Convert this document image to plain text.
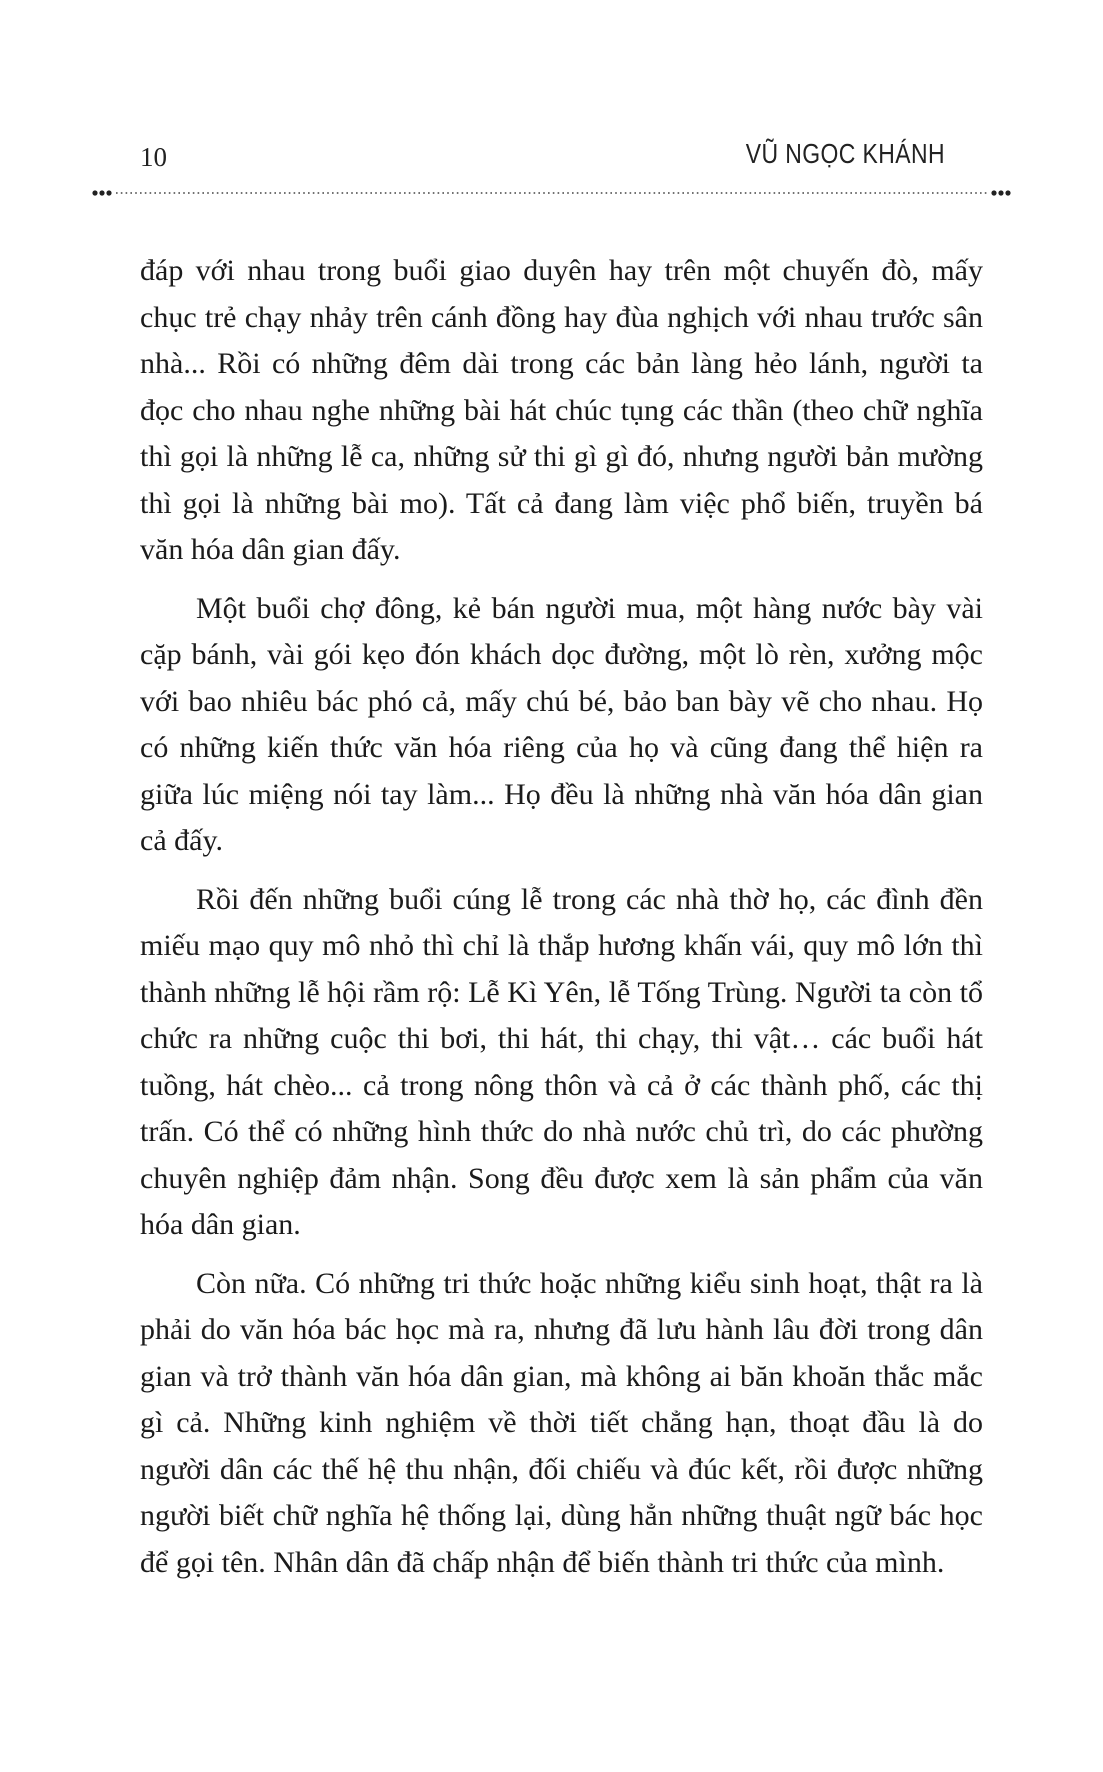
10	VŨ NGỌC KHÁNH

đáp với nhau trong buổi giao duyên hay trên một chuyến đò, mấy chục trẻ chạy nhảy trên cánh đồng hay đùa nghịch với nhau trước sân nhà... Rồi có những đêm dài trong các bản làng hẻo lánh, người ta đọc cho nhau nghe những bài hát chúc tụng các thần (theo chữ nghĩa thì gọi là những lễ ca, những sử thi gì gì đó, nhưng người bản mường thì gọi là những bài mo). Tất cả đang làm việc phổ biến, truyền bá văn hóa dân gian đấy.

Một buổi chợ đông, kẻ bán người mua, một hàng nước bày vài cặp bánh, vài gói kẹo đón khách dọc đường, một lò rèn, xưởng mộc với bao nhiêu bác phó cả, mấy chú bé, bảo ban bày vẽ cho nhau. Họ có những kiến thức văn hóa riêng của họ và cũng đang thể hiện ra giữa lúc miệng nói tay làm... Họ đều là những nhà văn hóa dân gian cả đấy.

Rồi đến những buổi cúng lễ trong các nhà thờ họ, các đình đền miếu mạo quy mô nhỏ thì chỉ là thắp hương khấn vái, quy mô lớn thì thành những lễ hội rầm rộ: Lễ Kì Yên, lễ Tống Trùng. Người ta còn tổ chức ra những cuộc thi bơi, thi hát, thi chạy, thi vật… các buổi hát tuồng, hát chèo... cả trong nông thôn và cả ở các thành phố, các thị trấn. Có thể có những hình thức do nhà nước chủ trì, do các phường chuyên nghiệp đảm nhận. Song đều được xem là sản phẩm của văn hóa dân gian.

Còn nữa. Có những tri thức hoặc những kiểu sinh hoạt, thật ra là phải do văn hóa bác học mà ra, nhưng đã lưu hành lâu đời trong dân gian và trở thành văn hóa dân gian, mà không ai băn khoăn thắc mắc gì cả. Những kinh nghiệm về thời tiết chẳng hạn, thoạt đầu là do người dân các thế hệ thu nhận, đối chiếu và đúc kết, rồi được những người biết chữ nghĩa hệ thống lại, dùng hẳn những thuật ngữ bác học để gọi tên. Nhân dân đã chấp nhận để biến thành tri thức của mình.
